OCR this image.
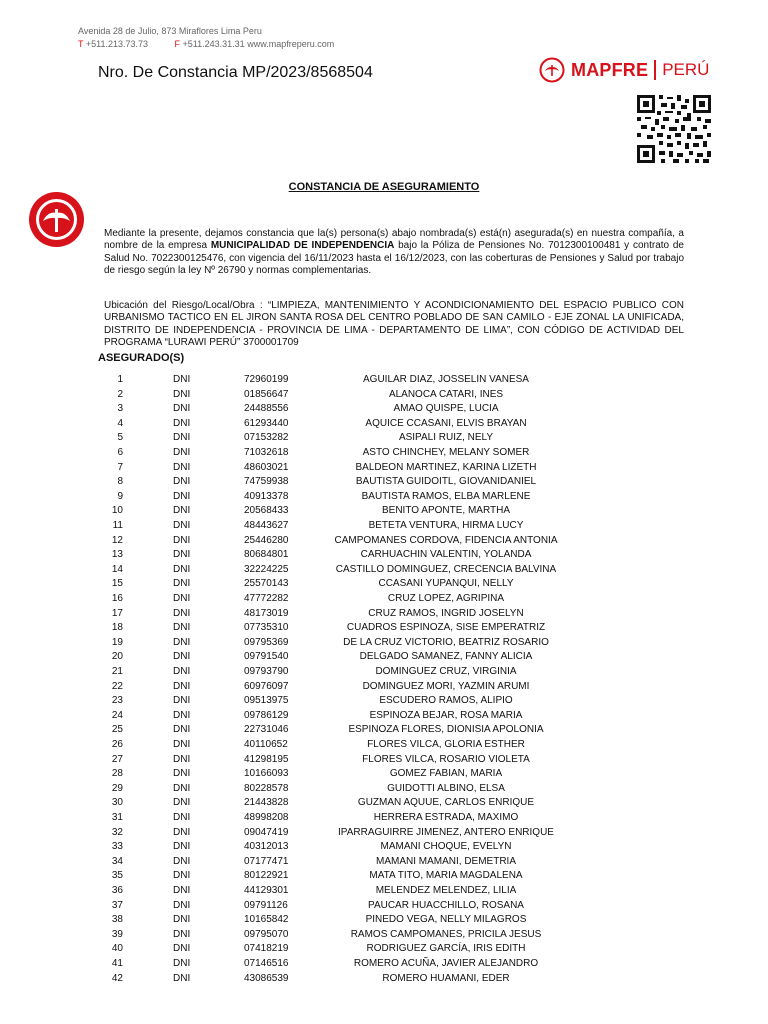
Avenida 28 de Julio, 873 Miraflores Lima Peru
T +511.213.73.73	F +511.243.31.31 www.mapfreperu.com
Nro. De Constancia MP/2023/8568504	MAPFRE PERÚ
CONSTANCIA DE ASEGURAMIENTO
Mediante la presente, dejamos constancia que la(s) persona(s) abajo nombrada(s) está(n) asegurada(s) en nuestra compañía, a nombre de la empresa MUNICIPALIDAD DE INDEPENDENCIA bajo la Póliza de Pensiones No. 7012300100481 y contrato de Salud No. 7022300125476, con vigencia del 16/11/2023 hasta el 16/12/2023, con las coberturas de Pensiones y Salud por trabajo de riesgo según la ley Nº 26790 y normas complementarias.
Ubicación del Riesgo/Local/Obra : “LIMPIEZA, MANTENIMIENTO Y ACONDICIONAMIENTO DEL ESPACIO PUBLICO CON URBANISMO TACTICO EN EL JIRON SANTA ROSA DEL CENTRO POBLADO DE SAN CAMILO - EJE ZONAL LA UNIFICADA, DISTRITO DE INDEPENDENCIA - PROVINCIA DE LIMA - DEPARTAMENTO DE LIMA”, CON CÓDIGO DE ACTIVIDAD DEL PROGRAMA “LURAWI PERÚ” 3700001709
ASEGURADO(S)
1	DNI	72960199	AGUILAR DIAZ, JOSSELIN VANESA
2	DNI	01856647	ALANOCA CATARI, INES
3	DNI	24488556	AMAO QUISPE, LUCIA
4	DNI	61293440	AQUICE CCASANI, ELVIS BRAYAN
5	DNI	07153282	ASIPALI RUIZ, NELY
6	DNI	71032618	ASTO CHINCHEY, MELANY SOMER
7	DNI	48603021	BALDEON MARTINEZ, KARINA LIZETH
8	DNI	74759938	BAUTISTA GUIDOITL, GIOVANIDANIEL
9	DNI	40913378	BAUTISTA RAMOS, ELBA MARLENE
10	DNI	20568433	BENITO APONTE, MARTHA
11	DNI	48443627	BETETA VENTURA, HIRMA LUCY
12	DNI	25446280	CAMPOMANES CORDOVA, FIDENCIA ANTONIA
13	DNI	80684801	CARHUACHIN VALENTIN, YOLANDA
14	DNI	32224225	CASTILLO DOMINGUEZ, CRECENCIA BALVINA
15	DNI	25570143	CCASANI YUPANQUI, NELLY
16	DNI	47772282	CRUZ LOPEZ, AGRIPINA
17	DNI	48173019	CRUZ RAMOS, INGRID JOSELYN
18	DNI	07735310	CUADROS ESPINOZA, SISE EMPERATRIZ
19	DNI	09795369	DE LA CRUZ VICTORIO, BEATRIZ ROSARIO
20	DNI	09791540	DELGADO SAMANEZ, FANNY ALICIA
21	DNI	09793790	DOMINGUEZ CRUZ, VIRGINIA
22	DNI	60976097	DOMINGUEZ MORI, YAZMIN ARUMI
23	DNI	09513975	ESCUDERO RAMOS, ALIPIO
24	DNI	09786129	ESPINOZA BEJAR, ROSA MARIA
25	DNI	22731046	ESPINOZA FLORES, DIONISIA APOLONIA
26	DNI	40110652	FLORES VILCA, GLORIA ESTHER
27	DNI	41298195	FLORES VILCA, ROSARIO VIOLETA
28	DNI	10166093	GOMEZ FABIAN, MARIA
29	DNI	80228578	GUIDOTTI ALBINO, ELSA
30	DNI	21443828	GUZMAN AQUUE, CARLOS ENRIQUE
31	DNI	48998208	HERRERA ESTRADA, MAXIMO
32	DNI	09047419	IPARRAGUIRRE JIMENEZ, ANTERO ENRIQUE
33	DNI	40312013	MAMANI CHOQUE, EVELYN
34	DNI	07177471	MAMANI MAMANI, DEMETRIA
35	DNI	80122921	MATA TITO, MARIA MAGDALENA
36	DNI	44129301	MELENDEZ MELENDEZ, LILIA
37	DNI	09791126	PAUCAR HUACCHILLO, ROSANA
38	DNI	10165842	PINEDO VEGA, NELLY MILAGROS
39	DNI	09795070	RAMOS CAMPOMANES, PRICILA JESUS
40	DNI	07418219	RODRIGUEZ GARCÍA, IRIS EDITH
41	DNI	07146516	ROMERO ACUÑA, JAVIER ALEJANDRO
42	DNI	43086539	ROMERO HUAMANI, EDER
